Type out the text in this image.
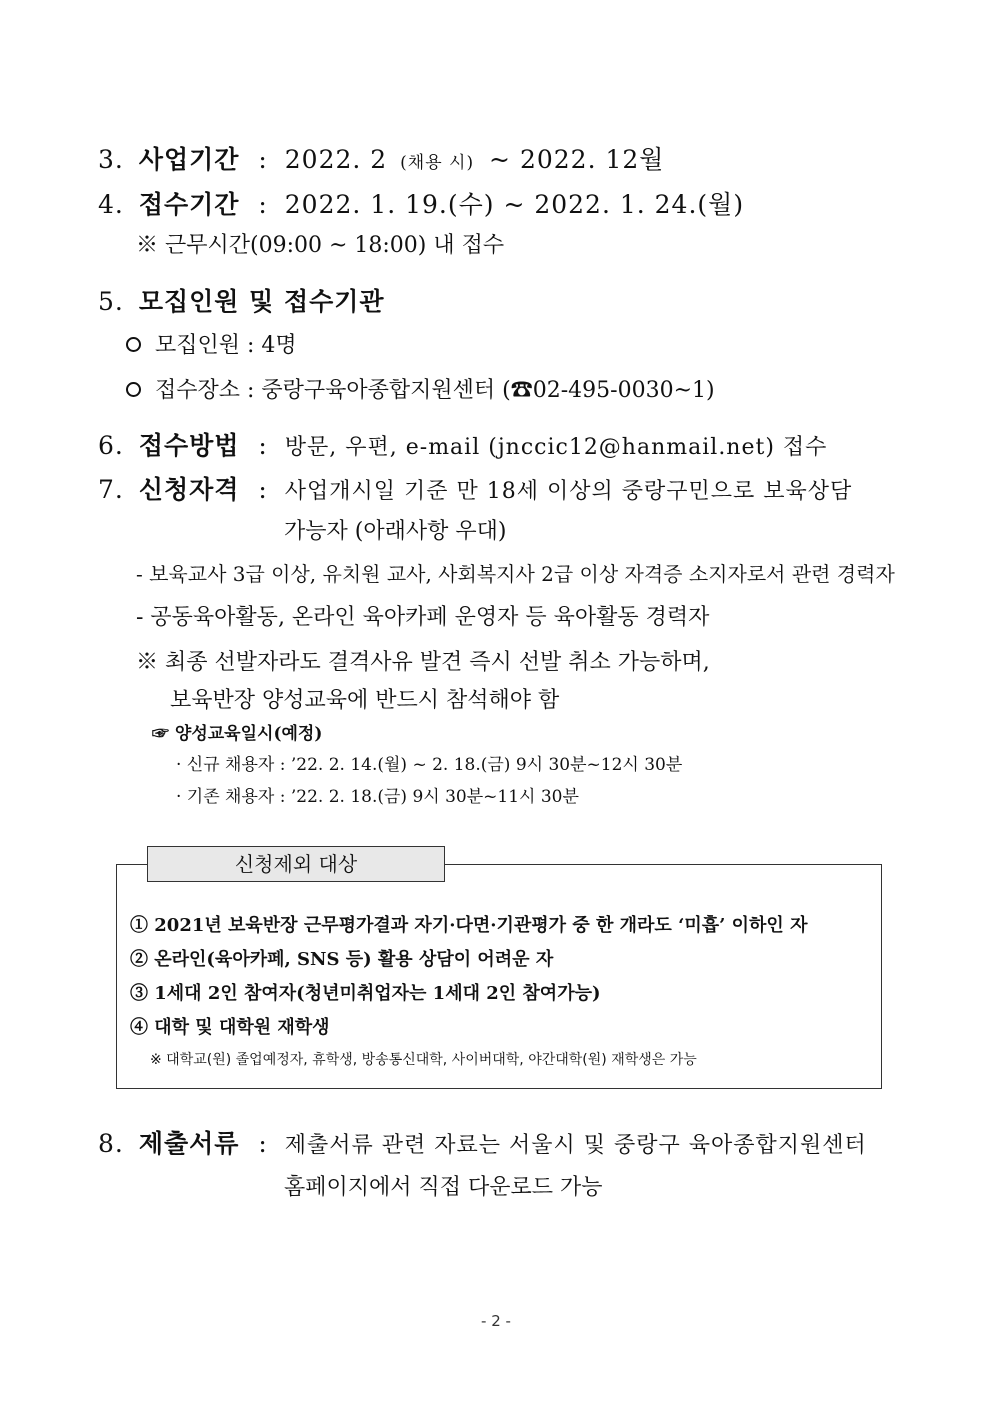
3. 사업기간 : 2022. 2 (채용 시) ~ 2022. 12월
4. 접수기간 : 2022. 1. 19.(수) ~ 2022. 1. 24.(월)
※ 근무시간(09:00 ~ 18:00) 내 접수
5. 모집인원 및 접수기관
모집인원 : 4명
접수장소 : 중랑구육아종합지원센터 (☎02-495-0030~1)
6. 접수방법 : 방문, 우편, e-mail (jnccic12@hanmail.net) 접수
7. 신청자격 : 사업개시일 기준 만 18세 이상의 중랑구민으로 보육상담
가능자 (아래사항 우대)
- 보육교사 3급 이상, 유치원 교사, 사회복지사 2급 이상 자격증 소지자로서 관련 경력자
- 공동육아활동, 온라인 육아카페 운영자 등 육아활동 경력자
※ 최종 선발자라도 결격사유 발견 즉시 선발 취소 가능하며,
보육반장 양성교육에 반드시 참석해야 함
☞ 양성교육일시(예정)
· 신규 채용자 : ’22. 2. 14.(월) ~ 2. 18.(금) 9시 30분~12시 30분
· 기존 채용자 : ’22. 2. 18.(금) 9시 30분~11시 30분
신청제외 대상
① 2021년 보육반장 근무평가결과 자기·다면·기관평가 중 한 개라도 ‘미흡’ 이하인 자
② 온라인(육아카페, SNS 등) 활용 상담이 어려운 자
③ 1세대 2인 참여자(청년미취업자는 1세대 2인 참여가능)
④ 대학 및 대학원 재학생
※ 대학교(원) 졸업예정자, 휴학생, 방송통신대학, 사이버대학, 야간대학(원) 재학생은 가능
8. 제출서류 : 제출서류 관련 자료는 서울시 및 중랑구 육아종합지원센터
홈페이지에서 직접 다운로드 가능
- 2 -
